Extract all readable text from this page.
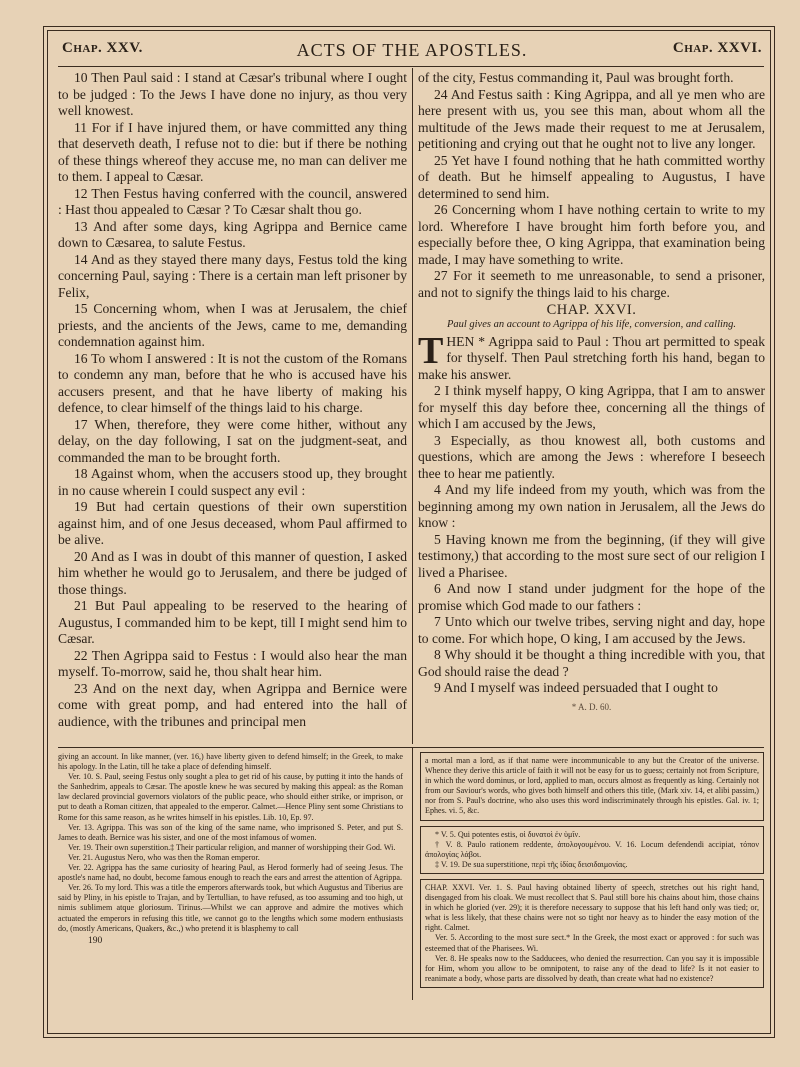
Chap. XXV.	ACTS OF THE APOSTLES.	Chap. XXVI.

10 Then Paul said : I stand at Cæsar's tribunal where I ought to be judged : To the Jews I have done no injury, as thou very well knowest.

11 For if I have injured them, or have committed any thing that deserveth death, I refuse not to die: but if there be nothing of these things whereof they accuse me, no man can deliver me to them. I appeal to Cæsar.

12 Then Festus having conferred with the council, answered : Hast thou appealed to Cæsar ? To Cæsar shalt thou go.

13 And after some days, king Agrippa and Bernice came down to Cæsarea, to salute Festus.

14 And as they stayed there many days, Festus told the king concerning Paul, saying : There is a certain man left prisoner by Felix,

15 Concerning whom, when I was at Jerusalem, the chief priests, and the ancients of the Jews, came to me, demanding condemnation against him.

16 To whom I answered : It is not the custom of the Romans to condemn any man, before that he who is accused have his accusers present, and that he have liberty of making his defence, to clear himself of the things laid to his charge.

17 When, therefore, they were come hither, without any delay, on the day following, I sat on the judgment-seat, and commanded the man to be brought forth.

18 Against whom, when the accusers stood up, they brought in no cause wherein I could suspect any evil :

19 But had certain questions of their own superstition against him, and of one Jesus deceased, whom Paul affirmed to be alive.

20 And as I was in doubt of this manner of question, I asked him whether he would go to Jerusalem, and there be judged of those things.

21 But Paul appealing to be reserved to the hearing of Augustus, I commanded him to be kept, till I might send him to Cæsar.

22 Then Agrippa said to Festus : I would also hear the man myself. To-morrow, said he, thou shalt hear him.

23 And on the next day, when Agrippa and Bernice were come with great pomp, and had entered into the hall of audience, with the tribunes and principal men

of the city, Festus commanding it, Paul was brought forth.

24 And Festus saith : King Agrippa, and all ye men who are here present with us, you see this man, about whom all the multitude of the Jews made their request to me at Jerusalem, petitioning and crying out that he ought not to live any longer.

25 Yet have I found nothing that he hath committed worthy of death. But he himself appealing to Augustus, I have determined to send him.

26 Concerning whom I have nothing certain to write to my lord. Wherefore I have brought him forth before you, and especially before thee, O king Agrippa, that examination being made, I may have something to write.

27 For it seemeth to me unreasonable, to send a prisoner, and not to signify the things laid to his charge.

CHAP. XXVI.

Paul gives an account to Agrippa of his life, conversion, and calling.

THEN * Agrippa said to Paul : Thou art permitted to speak for thyself. Then Paul stretching forth his hand, began to make his answer.

2 I think myself happy, O king Agrippa, that I am to answer for myself this day before thee, concerning all the things of which I am accused by the Jews,

3 Especially, as thou knowest all, both customs and questions, which are among the Jews : wherefore I beseech thee to hear me patiently.

4 And my life indeed from my youth, which was from the beginning among my own nation in Jerusalem, all the Jews do know :

5 Having known me from the beginning, (if they will give testimony,) that according to the most sure sect of our religion I lived a Pharisee.

6 And now I stand under judgment for the hope of the promise which God made to our fathers :

7 Unto which our twelve tribes, serving night and day, hope to come. For which hope, O king, I am accused by the Jews.

8 Why should it be thought a thing incredible with you, that God should raise the dead ?

9 And I myself was indeed persuaded that I ought to

* A. D. 60.

giving an account. In like manner, (ver. 16,) have liberty given to defend himself; in the Greek, to make his apology. In the Latin, till he take a place of defending himself.

Ver. 10. S. Paul, seeing Festus only sought a plea to get rid of his cause, by putting it into the hands of the Sanhedrim, appeals to Cæsar. The apostle knew he was secured by making this appeal: as the Roman law declared provincial governors violators of the public peace, who should either strike, or imprison, or put to death a Roman citizen, that appealed to the emperor. Calmet.—Hence Pliny sent some Christians to Rome for this same reason, as he writes himself in his epistles. Lib. 10, Ep. 97.

Ver. 13. Agrippa. This was son of the king of the same name, who imprisoned S. Peter, and put S. James to death. Bernice was his sister, and one of the most infamous of women.

Ver. 19. Their own superstition.‡ Their particular religion, and manner of worshipping their God. Wi.

Ver. 21. Augustus Nero, who was then the Roman emperor.

Ver. 22. Agrippa has the same curiosity of hearing Paul, as Herod formerly had of seeing Jesus. The apostle's name had, no doubt, become famous enough to reach the ears and arrest the attention of Agrippa.

Ver. 26. To my lord. This was a title the emperors afterwards took, but which Augustus and Tiberius are said by Pliny, in his epistle to Trajan, and by Tertullian, to have refused, as too assuming and too high, ut nimis sublimem atque gloriosum. Tirinus.—Whilst we can approve and admire the motives which actuated the emperors in refusing this title, we cannot go to the lengths which some modern enthusiasts do, (mostly Americans, Quakers, &c.,) who pretend it is blasphemy to call

190

a mortal man a lord, as if that name were incommunicable to any but the Creator of the universe. Whence they derive this article of faith it will not be easy for us to guess; certainly not from Scripture, in which the word dominus, or lord, applied to man, occurs almost as frequently as king. Certainly not from our Saviour's words, who gives both himself and others this title, (Mark xiv. 14, et alibi passim,) nor from S. Paul's doctrine, who also uses this word indiscriminately through his epistles. Gal. iv. 1; Ephes. vi. 5, &c.

* V. 5. Qui potentes estis, οἱ δυνατοὶ ἐν ὑμῖν.

† V. 8. Paulo rationem reddente, ἀπολογουμένου. V. 16. Locum defendendi accipiat, τόπον ἀπολογίας λάβοι.

‡ V. 19. De sua superstitione, περὶ τῆς ἰδίας δεισιδαιμονίας.

CHAP. XXVI. Ver. 1. S. Paul having obtained liberty of speech, stretches out his right hand, disengaged from his cloak. We must recollect that S. Paul still bore his chains about him, those chains in which he gloried (ver. 29); it is therefore necessary to suppose that his left hand only was tied; or, what is less likely, that these chains were not so tight nor heavy as to hinder the easy motion of the right. Calmet.

Ver. 5. According to the most sure sect.* In the Greek, the most exact or approved : for such was esteemed that of the Pharisees. Wi.

Ver. 8. He speaks now to the Sadducees, who denied the resurrection. Can you say it is impossible for Him, whom you allow to be omnipotent, to raise any of the dead to life? Is it not easier to reanimate a body, whose parts are dissolved by death, than create what had no existence?
